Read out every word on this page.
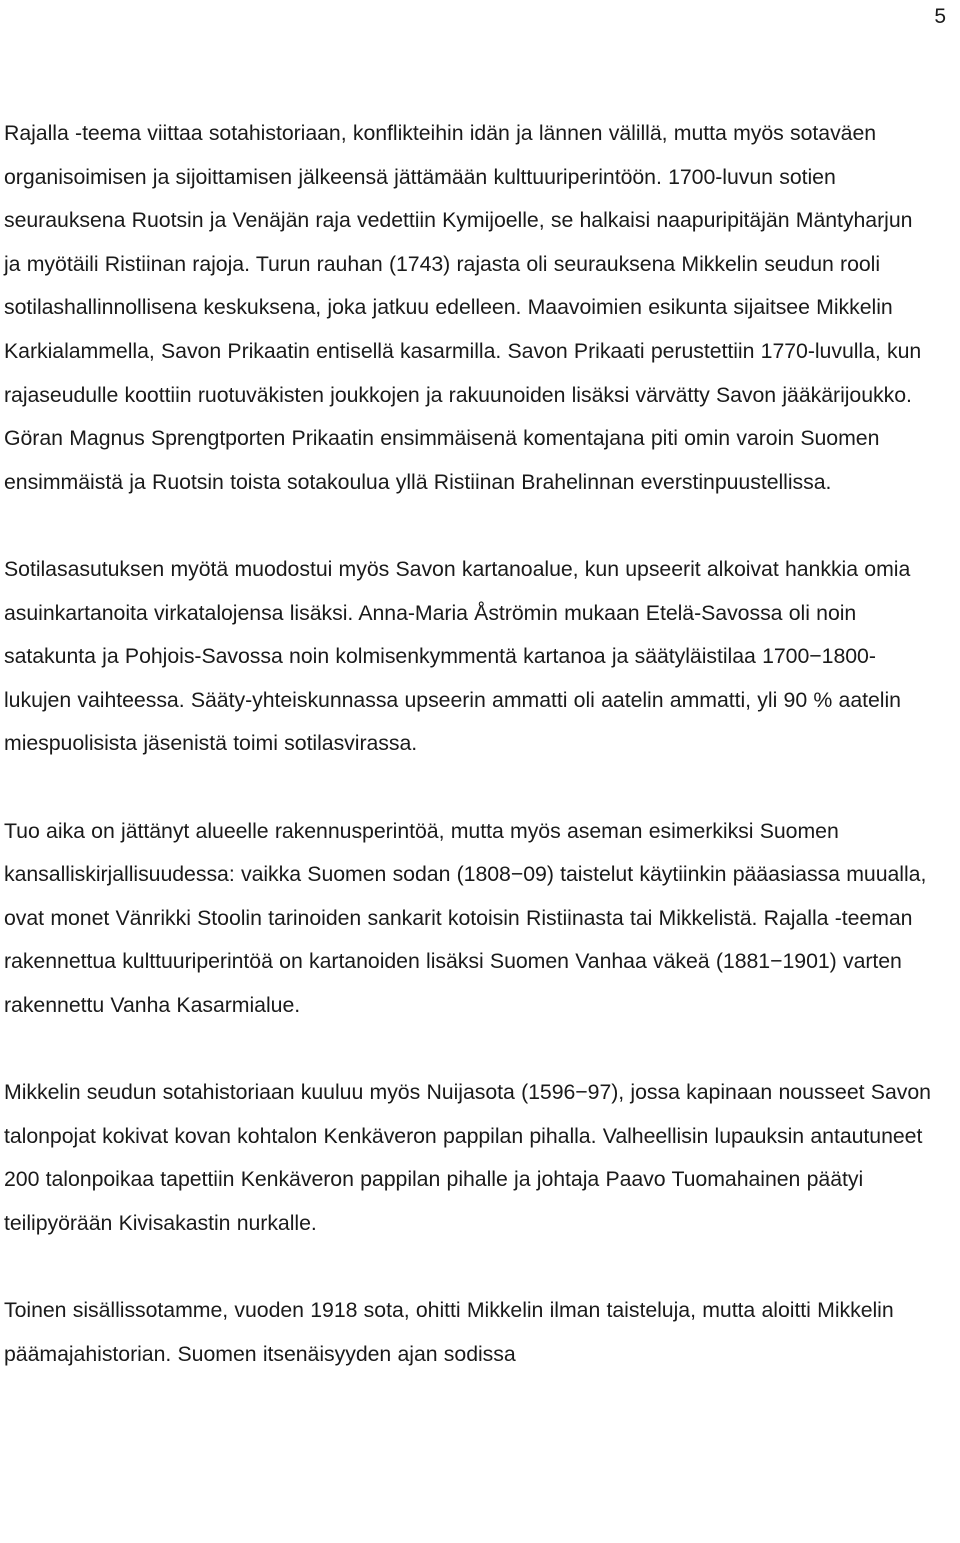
5

Rajalla -teema viittaa sotahistoriaan, konflikteihin idän ja lännen välillä, mutta myös sotaväen organisoimisen ja sijoittamisen jälkeensä jättämään kulttuuriperintöön. 1700-luvun sotien seurauksena Ruotsin ja Venäjän raja vedettiin Kymijoelle, se halkaisi naapuripitäjän Mäntyharjun ja myötäili Ristiinan rajoja. Turun rauhan (1743) rajasta oli seurauksena Mikkelin seudun rooli sotilashallinnollisena keskuksena, joka jatkuu edelleen. Maavoimien esikunta sijaitsee Mikkelin Karkialammella, Savon Prikaatin entisellä kasarmilla. Savon Prikaati perustettiin 1770-luvulla, kun rajaseudulle koottiin ruotuväkisten joukkojen ja rakuunoiden lisäksi värvätty Savon jääkärijoukko. Göran Magnus Sprengtporten Prikaatin ensimmäisenä komentajana piti omin varoin Suomen ensimmäistä ja Ruotsin toista sotakoulua yllä Ristiinan Brahelinnan everstinpuustellissa.

Sotilasasutuksen myötä muodostui myös Savon kartanoalue, kun upseerit alkoivat hankkia omia asuinkartanoita virkatalojensa lisäksi. Anna-Maria Åströmin mukaan Etelä-Savossa oli noin satakunta ja Pohjois-Savossa noin kolmisenkymmentä kartanoa ja säätyläistilaa 1700−1800-lukujen vaihteessa. Sääty-yhteiskunnassa upseerin ammatti oli aatelin ammatti, yli 90 % aatelin miespuolisista jäsenistä toimi sotilasvirassa.

Tuo aika on jättänyt alueelle rakennusperintöä, mutta myös aseman esimerkiksi Suomen kansalliskirjallisuudessa: vaikka Suomen sodan (1808−09) taistelut käytiinkin pääasiassa muualla, ovat monet Vänrikki Stoolin tarinoiden sankarit kotoisin Ristiinasta tai Mikkelistä. Rajalla -teeman rakennettua kulttuuriperintöä on kartanoiden lisäksi Suomen Vanhaa väkeä (1881−1901) varten rakennettu Vanha Kasarmialue.

Mikkelin seudun sotahistoriaan kuuluu myös Nuijasota (1596−97), jossa kapinaan nousseet Savon talonpojat kokivat kovan kohtalon Kenkäveron pappilan pihalla. Valheellisin lupauksin antautuneet 200 talonpoikaa tapettiin Kenkäveron pappilan pihalle ja johtaja Paavo Tuomahainen päätyi teilipyörään Kivisakastin nurkalle.

Toinen sisällissotamme, vuoden 1918 sota, ohitti Mikkelin ilman taisteluja, mutta aloitti Mikkelin päämajahistorian. Suomen itsenäisyyden ajan sodissa
